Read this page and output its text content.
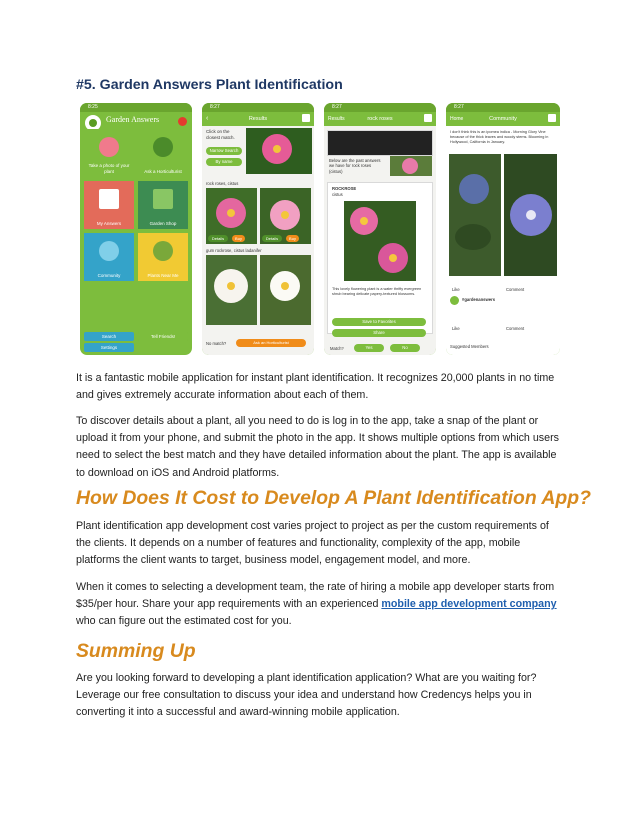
#5. Garden Answers Plant Identification
8:25
Garden Answers
Take a photo of your plant	Ask a Horticulturist
My Answers	Garden Shop
Community	Plants Near Me
Search	Tell Friends!
Settings
8:27
‹	Results
Click on the closest match.
Narrow Search
By name
rock roses, cistus
Details	Buy	Details	Buy
gum rockrose, cistus ladanifer
No match?	Ask an Horticulturist
8:27
Results	rock roses
Below are the past answers we have for rock roses (cistus)
ROCKROSE
cistus
This lovely flowering plant is a water thrifty evergreen shrub bearing delicate papery-textured blossoms.
Save to Favorites
Share
Match?	Yes	No
8:27
Home	Community
I don't think this is an ipomea indica - Morning Glory Vine because of the thick leaves and woody stems. Blooming in Hollywood, California in January.
Like	Comment
#gardenanswers
Like	Comment
Suggested Members

It is a fantastic mobile application for instant plant identification. It recognizes 20,000 plants in no time and gives extremely accurate information about each of them.

To discover details about a plant, all you need to do is log in to the app, take a snap of the plant or upload it from your phone, and submit the photo in the app. It shows multiple options from which users need to select the best match and they have detailed information about the plant. The app is available to download on iOS and Android platforms.

How Does It Cost to Develop A Plant Identification App?

Plant identification app development cost varies project to project as per the custom requirements of the clients. It depends on a number of features and functionality, complexity of the app, mobile platforms the client wants to target, business model, engagement model, and more.

When it comes to selecting a development team, the rate of hiring a mobile app developer starts from $35/per hour. Share your app requirements with an experienced mobile app development company who can figure out the estimated cost for you.

Summing Up

Are you looking forward to developing a plant identification application? What are you waiting for? Leverage our free consultation to discuss your idea and understand how Credencys helps you in converting it into a successful and award-winning mobile application.
